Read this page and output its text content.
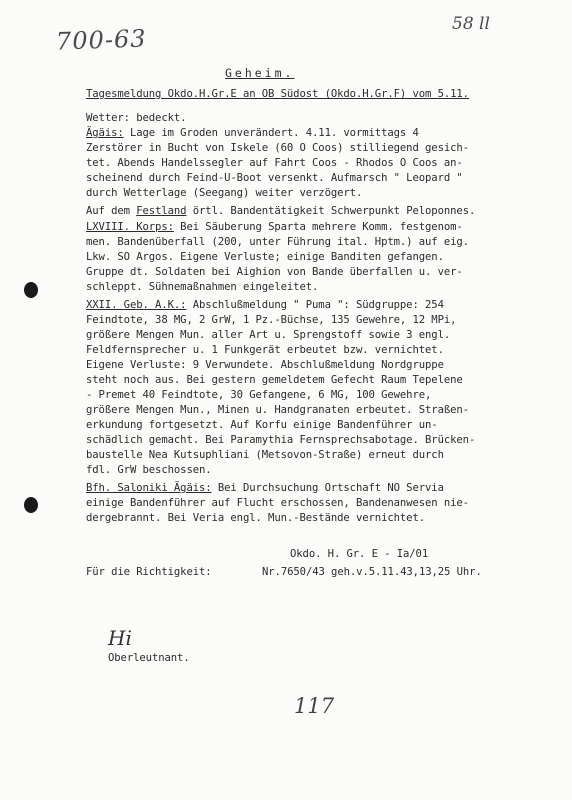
700-63
58 ll
Geheim.
Tagesmeldung Okdo.H.Gr.E an OB Südost (Okdo.H.Gr.F) vom 5.11.
Wetter: bedeckt.
Ägäis: Lage im Groden unverändert. 4.11. vormittags 4
Zerstörer in Bucht von Iskele (60 O Coos) stilliegend gesich-
tet. Abends Handelssegler auf Fahrt Coos - Rhodos O Coos an-
scheinend durch Feind-U-Boot versenkt. Aufmarsch " Leopard "
durch Wetterlage (Seegang) weiter verzögert.
Auf dem Festland örtl. Bandentätigkeit Schwerpunkt Peloponnes.
LXVIII. Korps: Bei Säuberung Sparta mehrere Komm. festgenom-
men. Bandenüberfall (200, unter Führung ital. Hptm.) auf eig.
Lkw. SO Argos. Eigene Verluste; einige Banditen gefangen.
Gruppe dt. Soldaten bei Aighion von Bande überfallen u. ver-
schleppt. Sühnemaßnahmen eingeleitet.
XXII. Geb. A.K.: Abschlußmeldung " Puma ": Südgruppe: 254
Feindtote, 38 MG, 2 GrW, 1 Pz.-Büchse, 135 Gewehre, 12 MPi,
größere Mengen Mun. aller Art u. Sprengstoff sowie 3 engl.
Feldfernsprecher u. 1 Funkgerät erbeutet bzw. vernichtet.
Eigene Verluste: 9 Verwundete. Abschlußmeldung Nordgruppe
steht noch aus. Bei gestern gemeldetem Gefecht Raum Tepelene
- Premet 40 Feindtote, 30 Gefangene, 6 MG, 100 Gewehre,
größere Mengen Mun., Minen u. Handgranaten erbeutet. Straßen-
erkundung fortgesetzt. Auf Korfu einige Bandenführer un-
schädlich gemacht. Bei Paramythia Fernsprechsabotage. Brücken-
baustelle Nea Kutsuphliani (Metsovon-Straße) erneut durch
fdl. GrW beschossen.
Bfh. Saloniki Ägäis: Bei Durchsuchung Ortschaft NO Servia
einige Bandenführer auf Flucht erschossen, Bandenanwesen nie-
dergebrannt. Bei Veria engl. Mun.-Bestände vernichtet.
Okdo. H. Gr. E - Ia/01
Für die Richtigkeit:	Nr.7650/43 geh.v.5.11.43,13,25 Uhr.
Hi
Oberleutnant.
117
